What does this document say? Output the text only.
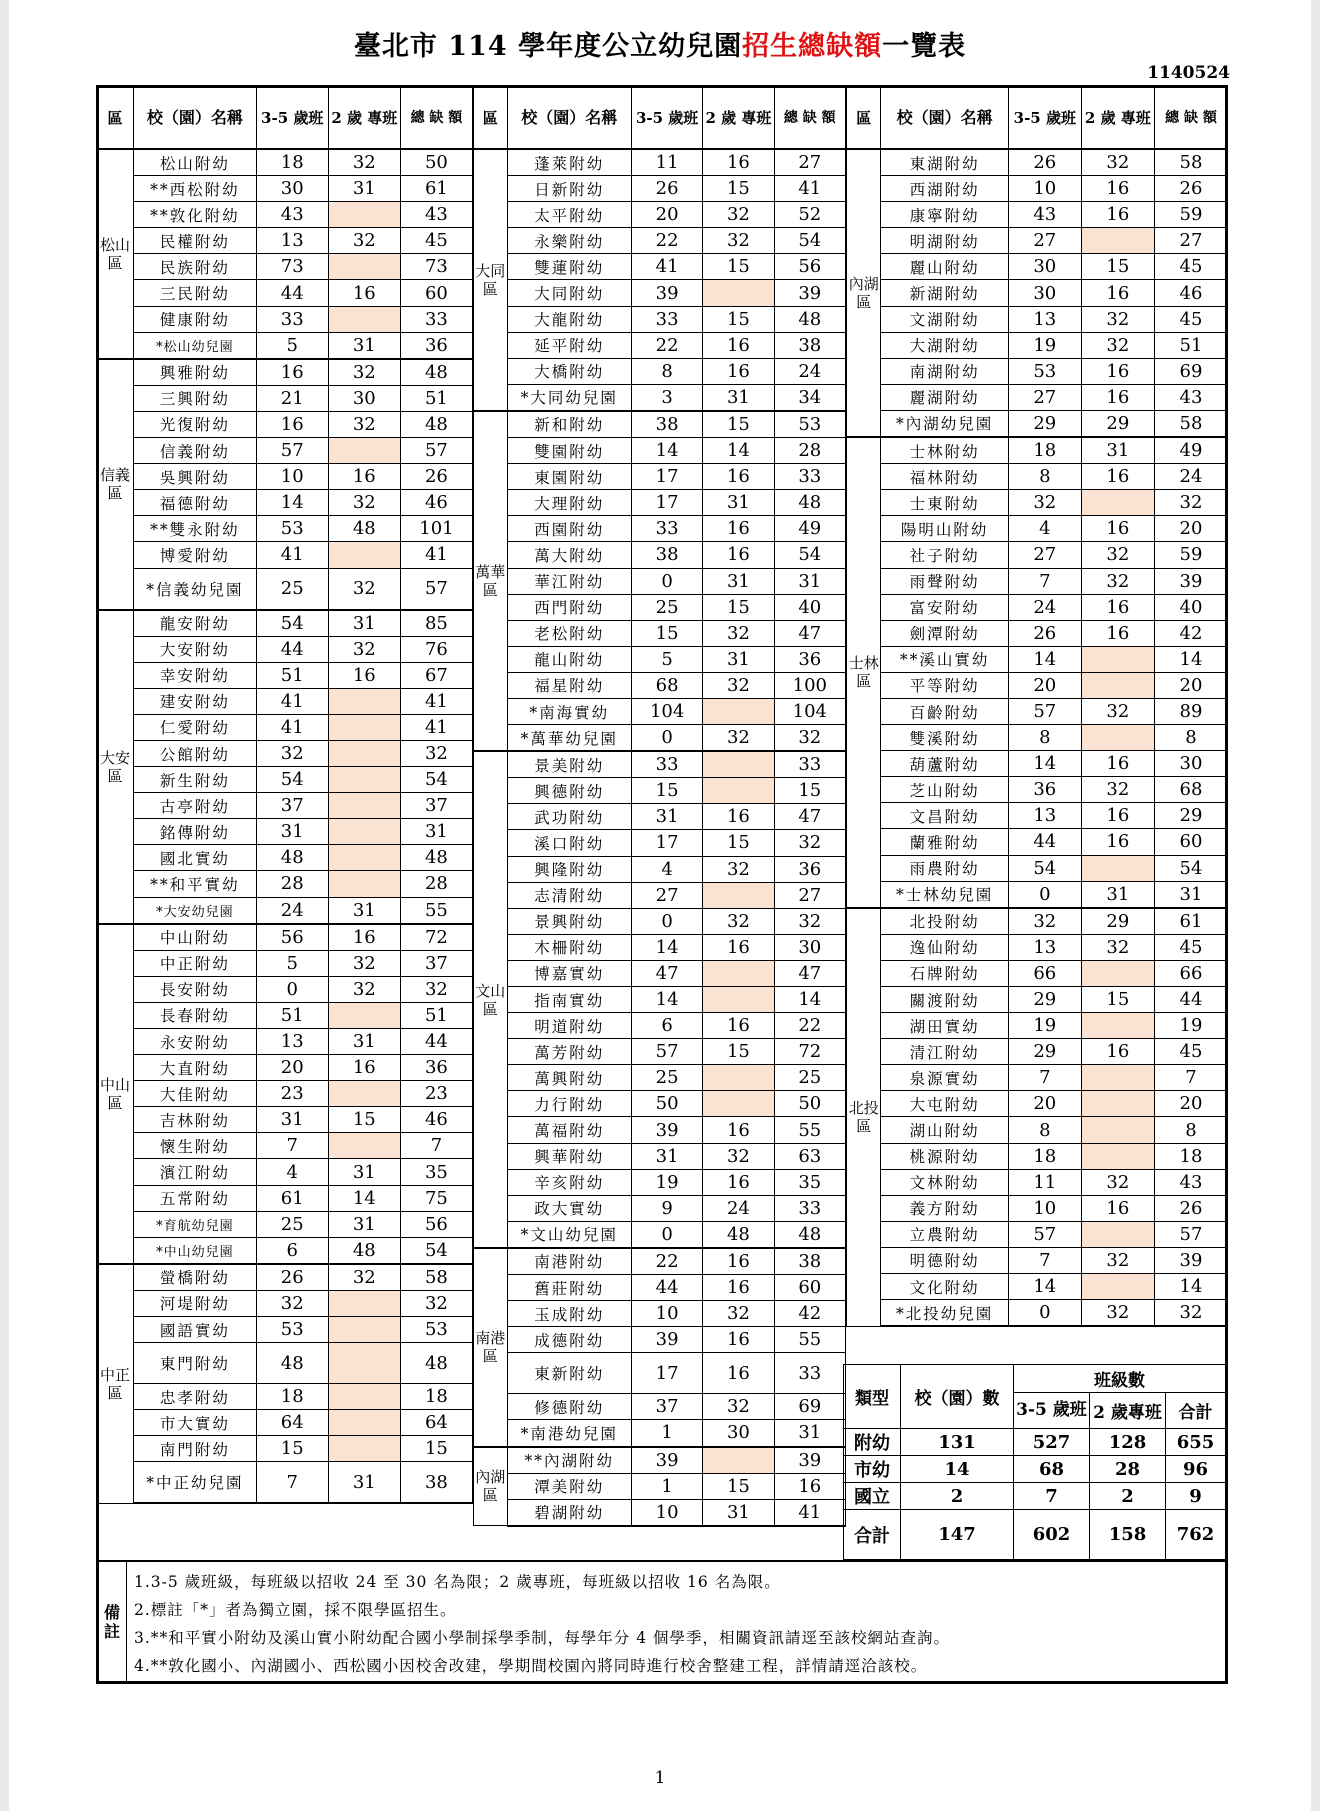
臺北市 114 學年度公立幼兒園招生總缺額一覽表
1140524
區	校（園）名稱	3-5 歲班	2 歲 專班	總 缺 額
松山區	松山附幼	18	32	50
	**西松附幼	30	31	61
	**敦化附幼	43		43
	民權附幼	13	32	45
	民族附幼	73		73
	三民附幼	44	16	60
	健康附幼	33		33
	*松山幼兒園	5	31	36
信義區	興雅附幼	16	32	48
	三興附幼	21	30	51
	光復附幼	16	32	48
	信義附幼	57		57
	吳興附幼	10	16	26
	福德附幼	14	32	46
	**雙永附幼	53	48	101
	博愛附幼	41		41
	*信義幼兒園	25	32	57
大安區	龍安附幼	54	31	85
	大安附幼	44	32	76
	幸安附幼	51	16	67
	建安附幼	41		41
	仁愛附幼	41		41
	公館附幼	32		32
	新生附幼	54		54
	古亭附幼	37		37
	銘傳附幼	31		31
	國北實幼	48		48
	**和平實幼	28		28
	*大安幼兒園	24	31	55
中山區	中山附幼	56	16	72
	中正附幼	5	32	37
	長安附幼	0	32	32
	長春附幼	51		51
	永安附幼	13	31	44
	大直附幼	20	16	36
	大佳附幼	23		23
	吉林附幼	31	15	46
	懷生附幼	7		7
	濱江附幼	4	31	35
	五常附幼	61	14	75
	*育航幼兒園	25	31	56
	*中山幼兒園	6	48	54
中正區	螢橋附幼	26	32	58
	河堤附幼	32		32
	國語實幼	53		53
	東門附幼	48		48
	忠孝附幼	18		18
	市大實幼	64		64
	南門附幼	15		15
	*中正幼兒園	7	31	38
區	校（園）名稱	3-5 歲班	2 歲 專班	總 缺 額
大同區	蓬萊附幼	11	16	27
	日新附幼	26	15	41
	太平附幼	20	32	52
	永樂附幼	22	32	54
	雙蓮附幼	41	15	56
	大同附幼	39		39
	大龍附幼	33	15	48
	延平附幼	22	16	38
	大橋附幼	8	16	24
	*大同幼兒園	3	31	34
萬華區	新和附幼	38	15	53
	雙園附幼	14	14	28
	東園附幼	17	16	33
	大理附幼	17	31	48
	西園附幼	33	16	49
	萬大附幼	38	16	54
	華江附幼	0	31	31
	西門附幼	25	15	40
	老松附幼	15	32	47
	龍山附幼	5	31	36
	福星附幼	68	32	100
	*南海實幼	104		104
	*萬華幼兒園	0	32	32
文山區	景美附幼	33		33
	興德附幼	15		15
	武功附幼	31	16	47
	溪口附幼	17	15	32
	興隆附幼	4	32	36
	志清附幼	27		27
	景興附幼	0	32	32
	木柵附幼	14	16	30
	博嘉實幼	47		47
	指南實幼	14		14
	明道附幼	6	16	22
	萬芳附幼	57	15	72
	萬興附幼	25		25
	力行附幼	50		50
	萬福附幼	39	16	55
	興華附幼	31	32	63
	辛亥附幼	19	16	35
	政大實幼	9	24	33
	*文山幼兒園	0	48	48
南港區	南港附幼	22	16	38
	舊莊附幼	44	16	60
	玉成附幼	10	32	42
	成德附幼	39	16	55
	東新附幼	17	16	33
	修德附幼	37	32	69
	*南港幼兒園	1	30	31
內湖區	**內湖附幼	39		39
	潭美附幼	1	15	16
	碧湖附幼	10	31	41
區	校（園）名稱	3-5 歲班	2 歲 專班	總 缺 額
內湖區	東湖附幼	26	32	58
	西湖附幼	10	16	26
	康寧附幼	43	16	59
	明湖附幼	27		27
	麗山附幼	30	15	45
	新湖附幼	30	16	46
	文湖附幼	13	32	45
	大湖附幼	19	32	51
	南湖附幼	53	16	69
	麗湖附幼	27	16	43
	*內湖幼兒園	29	29	58
士林區	士林附幼	18	31	49
	福林附幼	8	16	24
	士東附幼	32		32
	陽明山附幼	4	16	20
	社子附幼	27	32	59
	雨聲附幼	7	32	39
	富安附幼	24	16	40
	劍潭附幼	26	16	42
	**溪山實幼	14		14
	平等附幼	20		20
	百齡附幼	57	32	89
	雙溪附幼	8		8
	葫蘆附幼	14	16	30
	芝山附幼	36	32	68
	文昌附幼	13	16	29
	蘭雅附幼	44	16	60
	雨農附幼	54		54
	*士林幼兒園	0	31	31
北投區	北投附幼	32	29	61
	逸仙附幼	13	32	45
	石牌附幼	66		66
	關渡附幼	29	15	44
	湖田實幼	19		19
	清江附幼	29	16	45
	泉源實幼	7		7
	大屯附幼	20		20
	湖山附幼	8		8
	桃源附幼	18		18
	文林附幼	11	32	43
	義方附幼	10	16	26
	立農附幼	57		57
	明德附幼	7	32	39
	文化附幼	14		14
	*北投幼兒園	0	32	32
類型	校（園）數	班級數		
		3-5 歲班	2 歲專班	合計
附幼	131	527	128	655
市幼	14	68	28	96
國立	2	7	2	9
合計	147	602	158	762
備註
1.3-5 歲班級，每班級以招收 24 至 30 名為限；2 歲專班，每班級以招收 16 名為限。
2.標註「*」者為獨立園，採不限學區招生。
3.**和平實小附幼及溪山實小附幼配合國小學制採學季制，每學年分 4 個學季，相關資訊請逕至該校網站查詢。
4.**敦化國小、內湖國小、西松國小因校舍改建，學期間校園內將同時進行校舍整建工程，詳情請逕洽該校。
1
